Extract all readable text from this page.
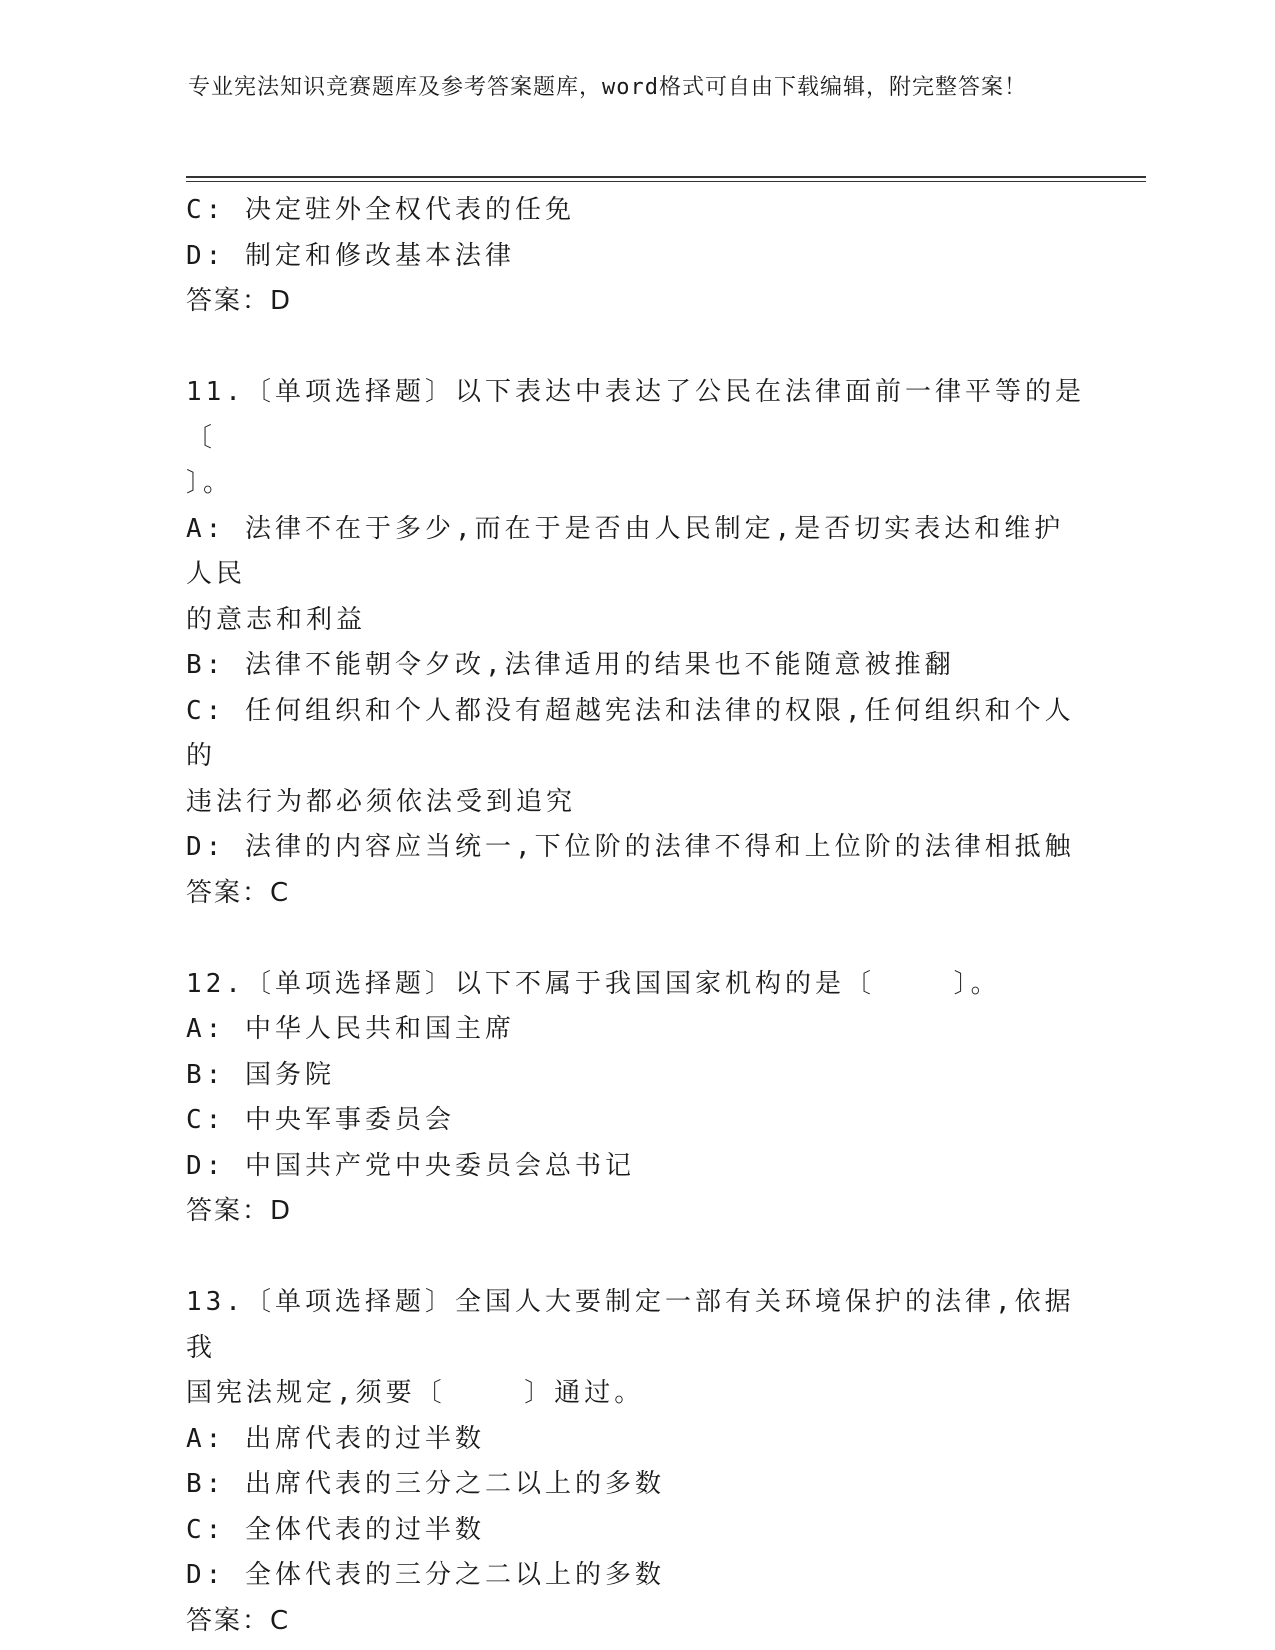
专业宪法知识竞赛题库及参考答案题库，word格式可自由下载编辑，附完整答案！
C: 决定驻外全权代表的任免
D: 制定和修改基本法律
答案：D
11.〔单项选择题〕以下表达中表达了公民在法律面前一律平等的是〔
〕。
A: 法律不在于多少,而在于是否由人民制定,是否切实表达和维护人民
的意志和利益
B: 法律不能朝令夕改,法律适用的结果也不能随意被推翻
C: 任何组织和个人都没有超越宪法和法律的权限,任何组织和个人的
违法行为都必须依法受到追究
D: 法律的内容应当统一,下位阶的法律不得和上位阶的法律相抵触
答案：C
12.〔单项选择题〕以下不属于我国国家机构的是〔    〕。
A: 中华人民共和国主席
B: 国务院
C: 中央军事委员会
D: 中国共产党中央委员会总书记
答案：D
13.〔单项选择题〕全国人大要制定一部有关环境保护的法律,依据我
国宪法规定,须要〔    〕通过。
A: 出席代表的过半数
B: 出席代表的三分之二以上的多数
C: 全体代表的过半数
D: 全体代表的三分之二以上的多数
答案：C
